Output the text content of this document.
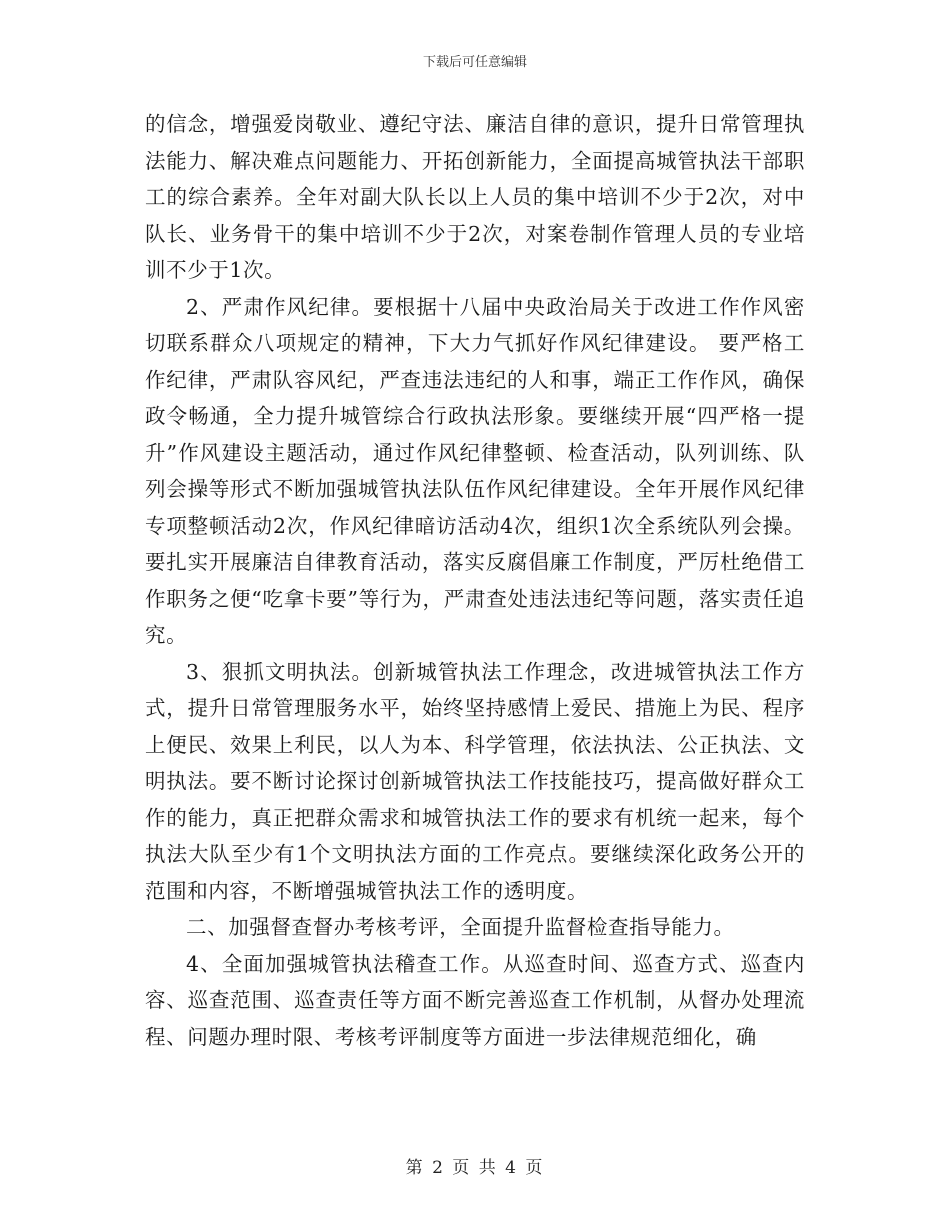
下载后可任意编辑

的信念，增强爱岗敬业、遵纪守法、廉洁自律的意识，提升日常管理执法能力、解决难点问题能力、开拓创新能力，全面提高城管执法干部职工的综合素养。全年对副大队长以上人员的集中培训不少于2次，对中队长、业务骨干的集中培训不少于2次，对案卷制作管理人员的专业培训不少于1次。

2、严肃作风纪律。要根据十八届中央政治局关于改进工作作风密切联系群众八项规定的精神，下大力气抓好作风纪律建设。 要严格工作纪律，严肃队容风纪，严查违法违纪的人和事，端正工作作风，确保政令畅通，全力提升城管综合行政执法形象。要继续开展“四严格一提升”作风建设主题活动，通过作风纪律整顿、检查活动，队列训练、队列会操等形式不断加强城管执法队伍作风纪律建设。全年开展作风纪律专项整顿活动2次，作风纪律暗访活动4次，组织1次全系统队列会操。要扎实开展廉洁自律教育活动，落实反腐倡廉工作制度，严厉杜绝借工作职务之便“吃拿卡要”等行为，严肃查处违法违纪等问题，落实责任追究。

3、狠抓文明执法。创新城管执法工作理念，改进城管执法工作方式，提升日常管理服务水平，始终坚持感情上爱民、措施上为民、程序上便民、效果上利民，以人为本、科学管理，依法执法、公正执法、文明执法。要不断讨论探讨创新城管执法工作技能技巧，提高做好群众工作的能力，真正把群众需求和城管执法工作的要求有机统一起来，每个执法大队至少有1个文明执法方面的工作亮点。要继续深化政务公开的范围和内容，不断增强城管执法工作的透明度。

二、加强督查督办考核考评，全面提升监督检查指导能力。

4、全面加强城管执法稽查工作。从巡查时间、巡查方式、巡查内容、巡查范围、巡查责任等方面不断完善巡查工作机制，从督办处理流程、问题办理时限、考核考评制度等方面进一步法律规范细化，确

第 2 页 共 4 页
